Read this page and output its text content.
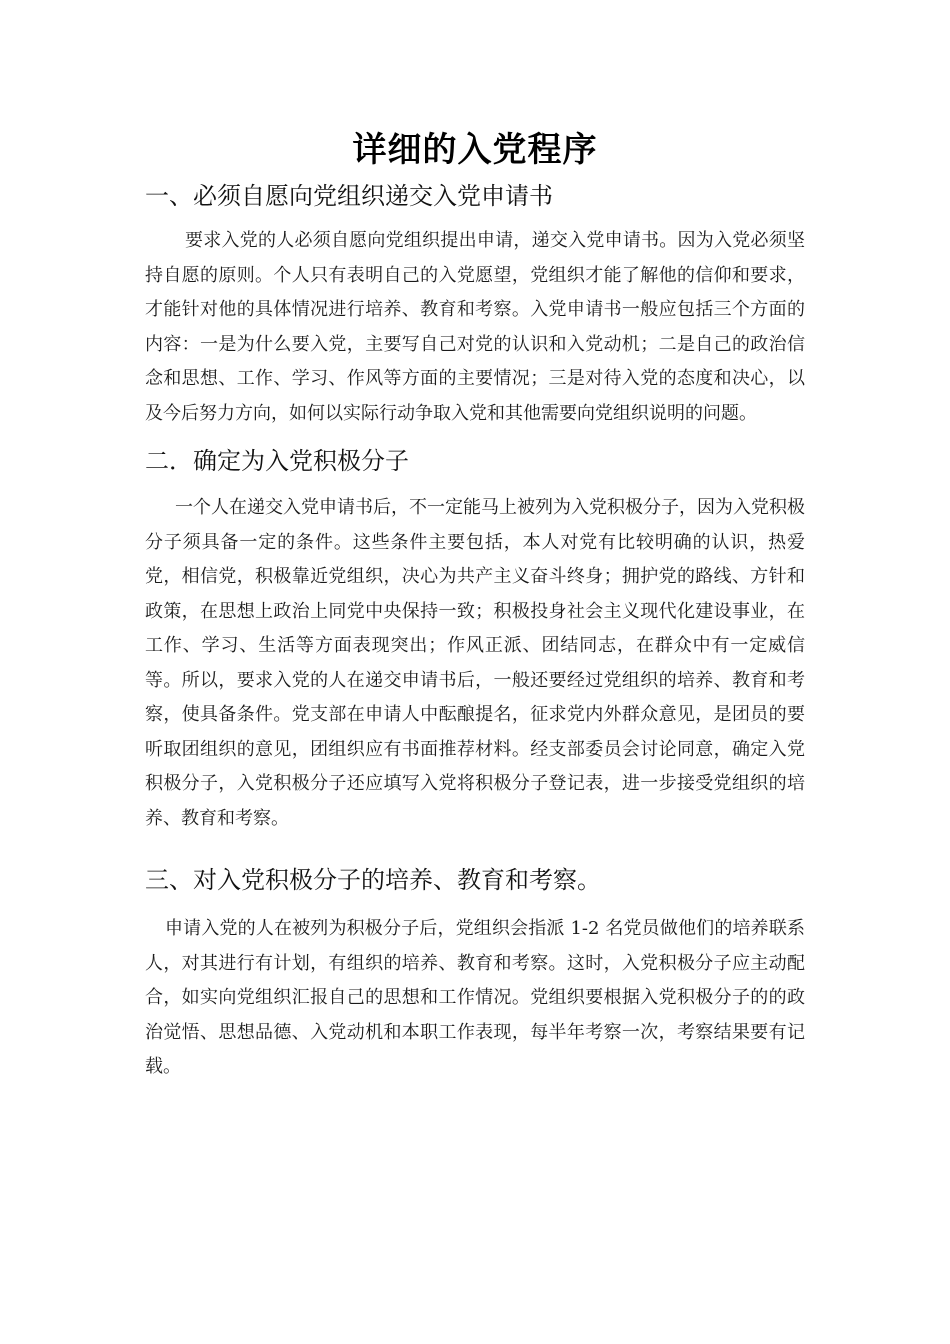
详细的入党程序
一、必须自愿向党组织递交入党申请书

要求入党的人必须自愿向党组织提出申请，递交入党申请书。因为入党必须坚持自愿的原则。个人只有表明自己的入党愿望，党组织才能了解他的信仰和要求，才能针对他的具体情况进行培养、教育和考察。入党申请书一般应包括三个方面的内容：一是为什么要入党，主要写自己对党的认识和入党动机；二是自己的政治信念和思想、工作、学习、作风等方面的主要情况；三是对待入党的态度和决心，以及今后努力方向，如何以实际行动争取入党和其他需要向党组织说明的问题。

二．确定为入党积极分子

一个人在递交入党申请书后，不一定能马上被列为入党积极分子，因为入党积极分子须具备一定的条件。这些条件主要包括，本人对党有比较明确的认识，热爱党，相信党，积极靠近党组织，决心为共产主义奋斗终身；拥护党的路线、方针和政策，在思想上政治上同党中央保持一致；积极投身社会主义现代化建设事业，在工作、学习、生活等方面表现突出；作风正派、团结同志，在群众中有一定威信等。所以，要求入党的人在递交申请书后，一般还要经过党组织的培养、教育和考察，使具备条件。党支部在申请人中酝酿提名，征求党内外群众意见，是团员的要听取团组织的意见，团组织应有书面推荐材料。经支部委员会讨论同意，确定入党积极分子，入党积极分子还应填写入党将积极分子登记表，进一步接受党组织的培养、教育和考察。

三、对入党积极分子的培养、教育和考察。

申请入党的人在被列为积极分子后，党组织会指派 1-2 名党员做他们的培养联系人，对其进行有计划，有组织的培养、教育和考察。这时，入党积极分子应主动配合，如实向党组织汇报自己的思想和工作情况。党组织要根据入党积极分子的的政治觉悟、思想品德、入党动机和本职工作表现，每半年考察一次，考察结果要有记载。
